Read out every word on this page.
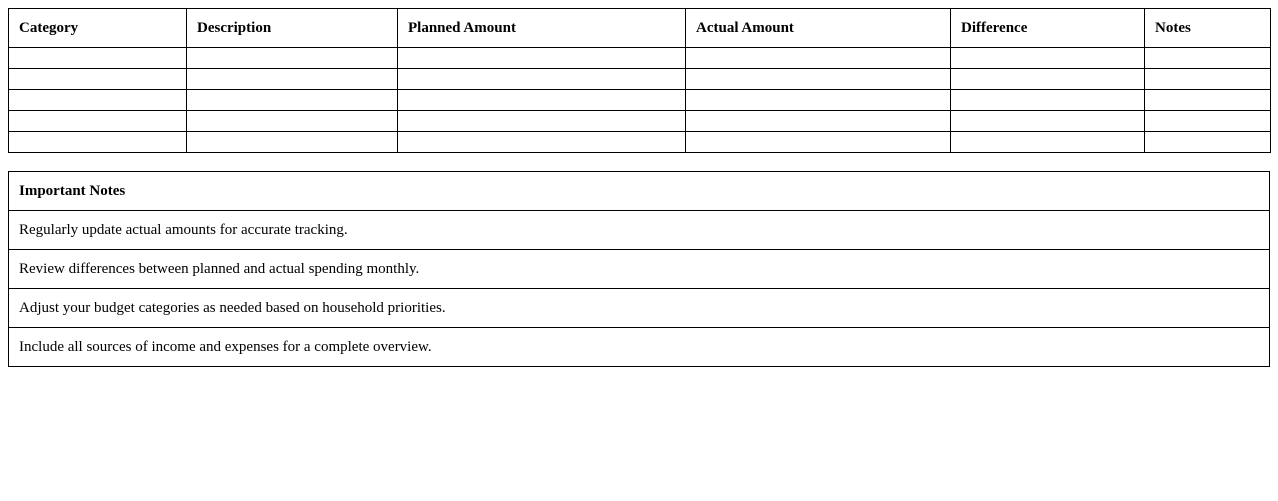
Category	Description	Planned Amount	Actual Amount	Difference	Notes

Important Notes
Regularly update actual amounts for accurate tracking.
Review differences between planned and actual spending monthly.
Adjust your budget categories as needed based on household priorities.
Include all sources of income and expenses for a complete overview.
